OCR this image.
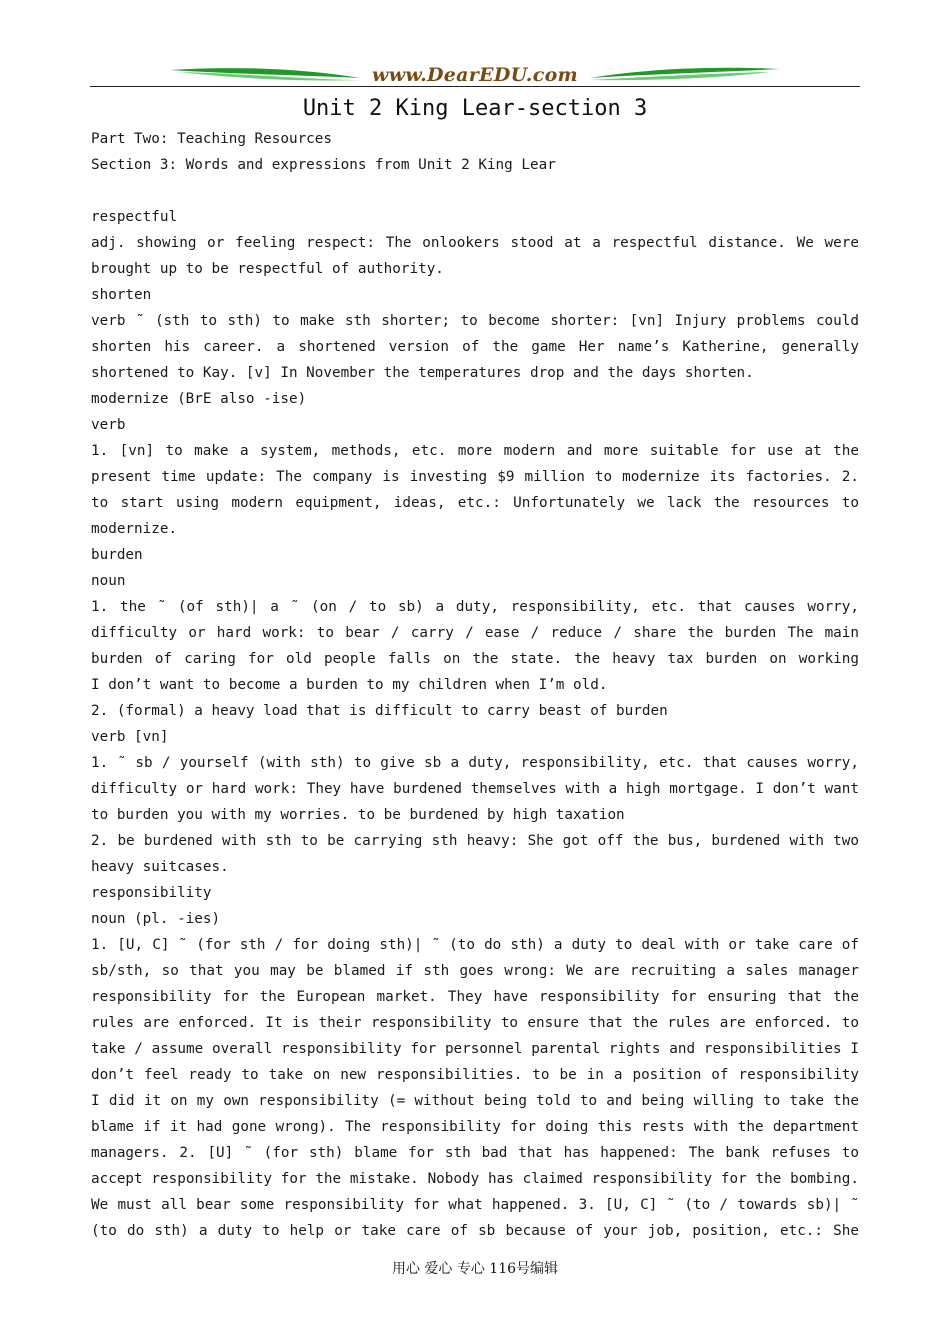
www.DearEDU.com
Unit 2 King Lear-section 3
Part Two: Teaching Resources
Section 3: Words and expressions from Unit 2 King Lear

respectful
adj. showing or feeling respect: The onlookers stood at a respectful distance. We were
brought up to be respectful of authority.
shorten
verb ˜ (sth to sth) to make sth shorter; to become shorter: [vn] Injury problems could
shorten his career. a shortened version of the game Her name’s Katherine, generally
shortened to Kay. [v] In November the temperatures drop and the days shorten.
modernize (BrE also -ise)
verb
1. [vn] to make a system, methods, etc. more modern and more suitable for use at the
present time update: The company is investing $9 million to modernize its factories. 2.
to start using modern equipment, ideas, etc.: Unfortunately we lack the resources to
modernize.
burden
noun
1. the ˜ (of sth)| a ˜ (on / to sb) a duty, responsibility, etc. that causes worry,
difficulty or hard work: to bear / carry / ease / reduce / share the burden The main
burden of caring for old people falls on the state. the heavy tax burden on working
I don’t want to become a burden to my children when I’m old.
2. (formal) a heavy load that is difficult to carry beast of burden
verb [vn]
1. ˜ sb / yourself (with sth) to give sb a duty, responsibility, etc. that causes worry,
difficulty or hard work: They have burdened themselves with a high mortgage. I don’t want
to burden you with my worries. to be burdened by high taxation
2. be burdened with sth to be carrying sth heavy: She got off the bus, burdened with two
heavy suitcases.
responsibility
noun (pl. -ies)
1. [U, C] ˜ (for sth / for doing sth)| ˜ (to do sth) a duty to deal with or take care of
sb/sth, so that you may be blamed if sth goes wrong: We are recruiting a sales manager
responsibility for the European market. They have responsibility for ensuring that the
rules are enforced. It is their responsibility to ensure that the rules are enforced. to
take / assume overall responsibility for personnel parental rights and responsibilities I
don’t feel ready to take on new responsibilities. to be in a position of responsibility
I did it on my own responsibility (= without being told to and being willing to take the
blame if it had gone wrong). The responsibility for doing this rests with the department
managers. 2. [U] ˜ (for sth) blame for sth bad that has happened: The bank refuses to
accept responsibility for the mistake. Nobody has claimed responsibility for the bombing.
We must all bear some responsibility for what happened. 3. [U, C] ˜ (to / towards sb)| ˜
(to do sth) a duty to help or take care of sb because of your job, position, etc.: She
用心 爱心 专心 116号编辑
